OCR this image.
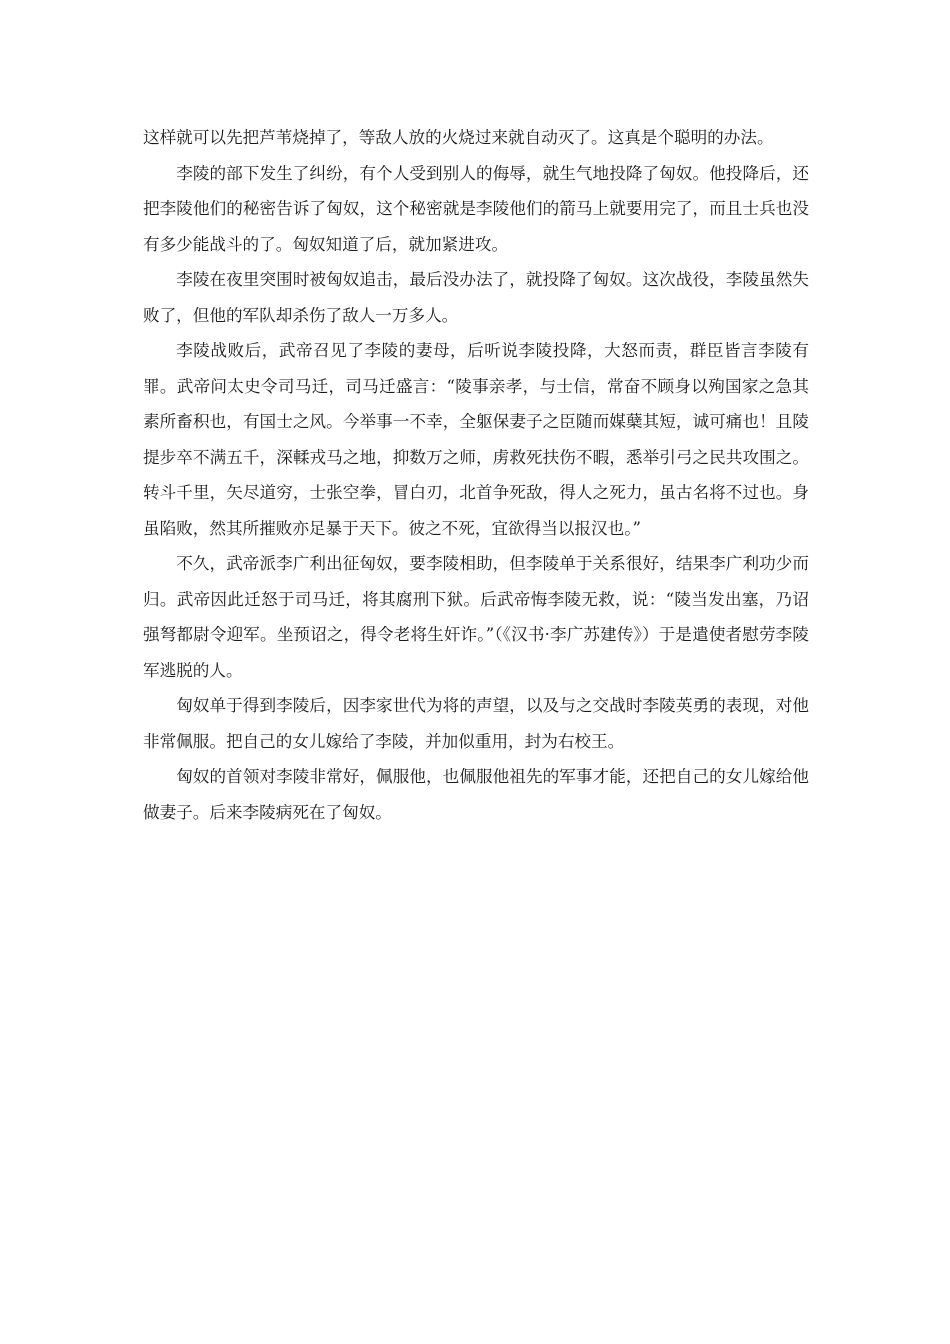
这样就可以先把芦苇烧掉了，等敌人放的火烧过来就自动灭了。这真是个聪明的办法。

李陵的部下发生了纠纷，有个人受到别人的侮辱，就生气地投降了匈奴。他投降后，还把李陵他们的秘密告诉了匈奴，这个秘密就是李陵他们的箭马上就要用完了，而且士兵也没有多少能战斗的了。匈奴知道了后，就加紧进攻。

李陵在夜里突围时被匈奴追击，最后没办法了，就投降了匈奴。这次战役，李陵虽然失败了，但他的军队却杀伤了敌人一万多人。

李陵战败后，武帝召见了李陵的妻母，后听说李陵投降，大怒而责，群臣皆言李陵有罪。武帝问太史令司马迁，司马迁盛言：“陵事亲孝，与士信，常奋不顾身以殉国家之急其素所畜积也，有国士之风。今举事一不幸，全躯保妻子之臣随而媒蘖其短，诚可痛也！且陵提步卒不满五千，深輮戎马之地，抑数万之师，虏救死扶伤不暇，悉举引弓之民共攻围之。转斗千里，矢尽道穷，士张空拳，冒白刃，北首争死敌，得人之死力，虽古名将不过也。身虽陷败，然其所摧败亦足暴于天下。彼之不死，宜欲得当以报汉也。”

不久，武帝派李广利出征匈奴，要李陵相助，但李陵单于关系很好，结果李广利功少而归。武帝因此迁怒于司马迁，将其腐刑下狱。后武帝悔李陵无救，说：“陵当发出塞，乃诏强弩都尉令迎军。坐预诏之，得令老将生奸诈。”（《汉书·李广苏建传》）于是遣使者慰劳李陵军逃脱的人。

匈奴单于得到李陵后，因李家世代为将的声望，以及与之交战时李陵英勇的表现，对他非常佩服。把自己的女儿嫁给了李陵，并加似重用，封为右校王。

匈奴的首领对李陵非常好，佩服他，也佩服他祖先的军事才能，还把自己的女儿嫁给他做妻子。后来李陵病死在了匈奴。
